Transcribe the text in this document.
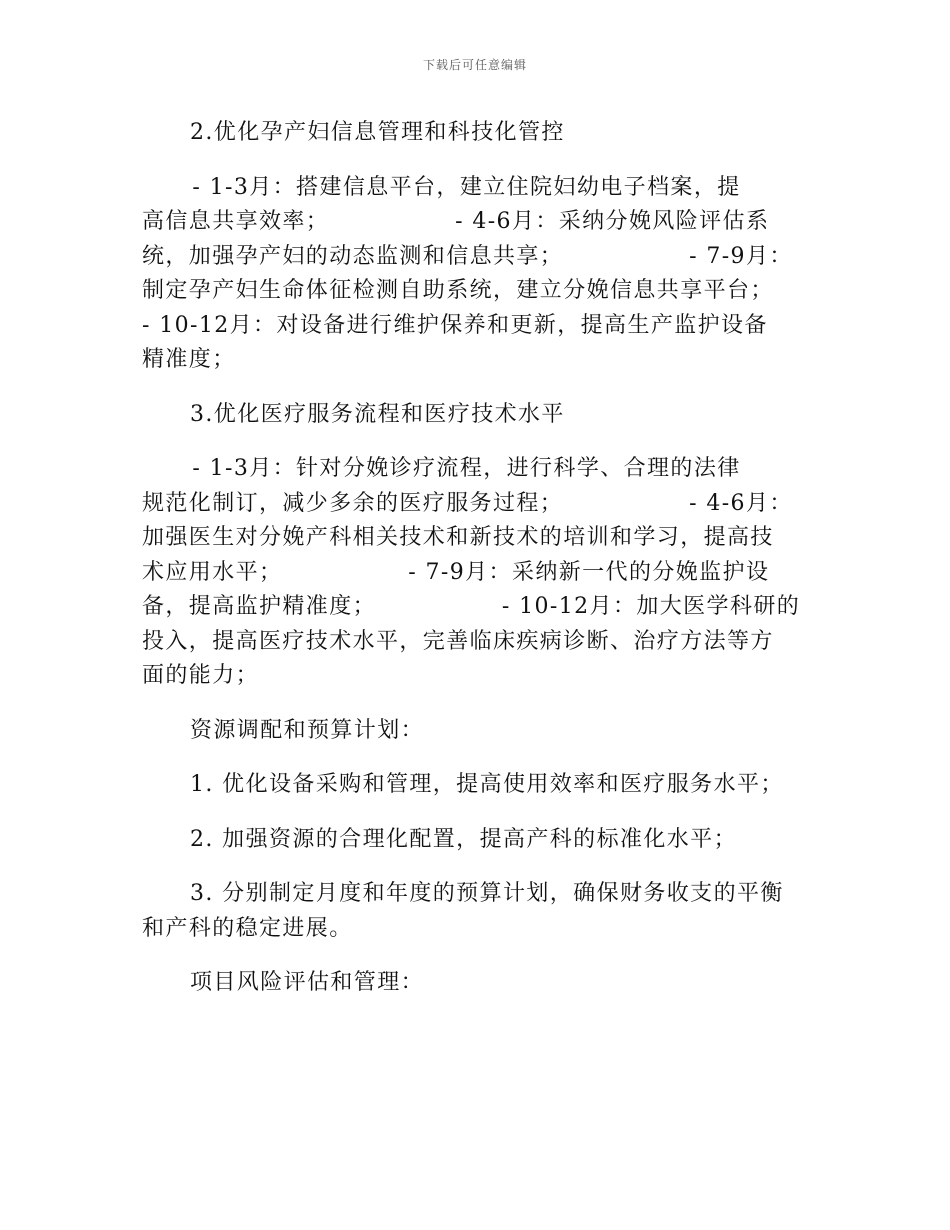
下载后可任意编辑

2.优化孕产妇信息管理和科技化管控

- 1-3月：搭建信息平台，建立住院妇幼电子档案，提

高信息共享效率；               - 4-6月：采纳分娩风险评估系

统，加强孕产妇的动态监测和信息共享；               - 7-9月：

制定孕产妇生命体征检测自助系统，建立分娩信息共享平台；

- 10-12月：对设备进行维护保养和更新，提高生产监护设备

精准度；

3.优化医疗服务流程和医疗技术水平

- 1-3月：针对分娩诊疗流程，进行科学、合理的法律

规范化制订，减少多余的医疗服务过程；               - 4-6月：

加强医生对分娩产科相关技术和新技术的培训和学习，提高技

术应用水平；               - 7-9月：采纳新一代的分娩监护设

备，提高监护精准度；               - 10-12月：加大医学科研的

投入，提高医疗技术水平，完善临床疾病诊断、治疗方法等方

面的能力；

资源调配和预算计划：

1. 优化设备采购和管理，提高使用效率和医疗服务水平；

2. 加强资源的合理化配置，提高产科的标准化水平；

3. 分别制定月度和年度的预算计划，确保财务收支的平衡

和产科的稳定进展。

项目风险评估和管理：
